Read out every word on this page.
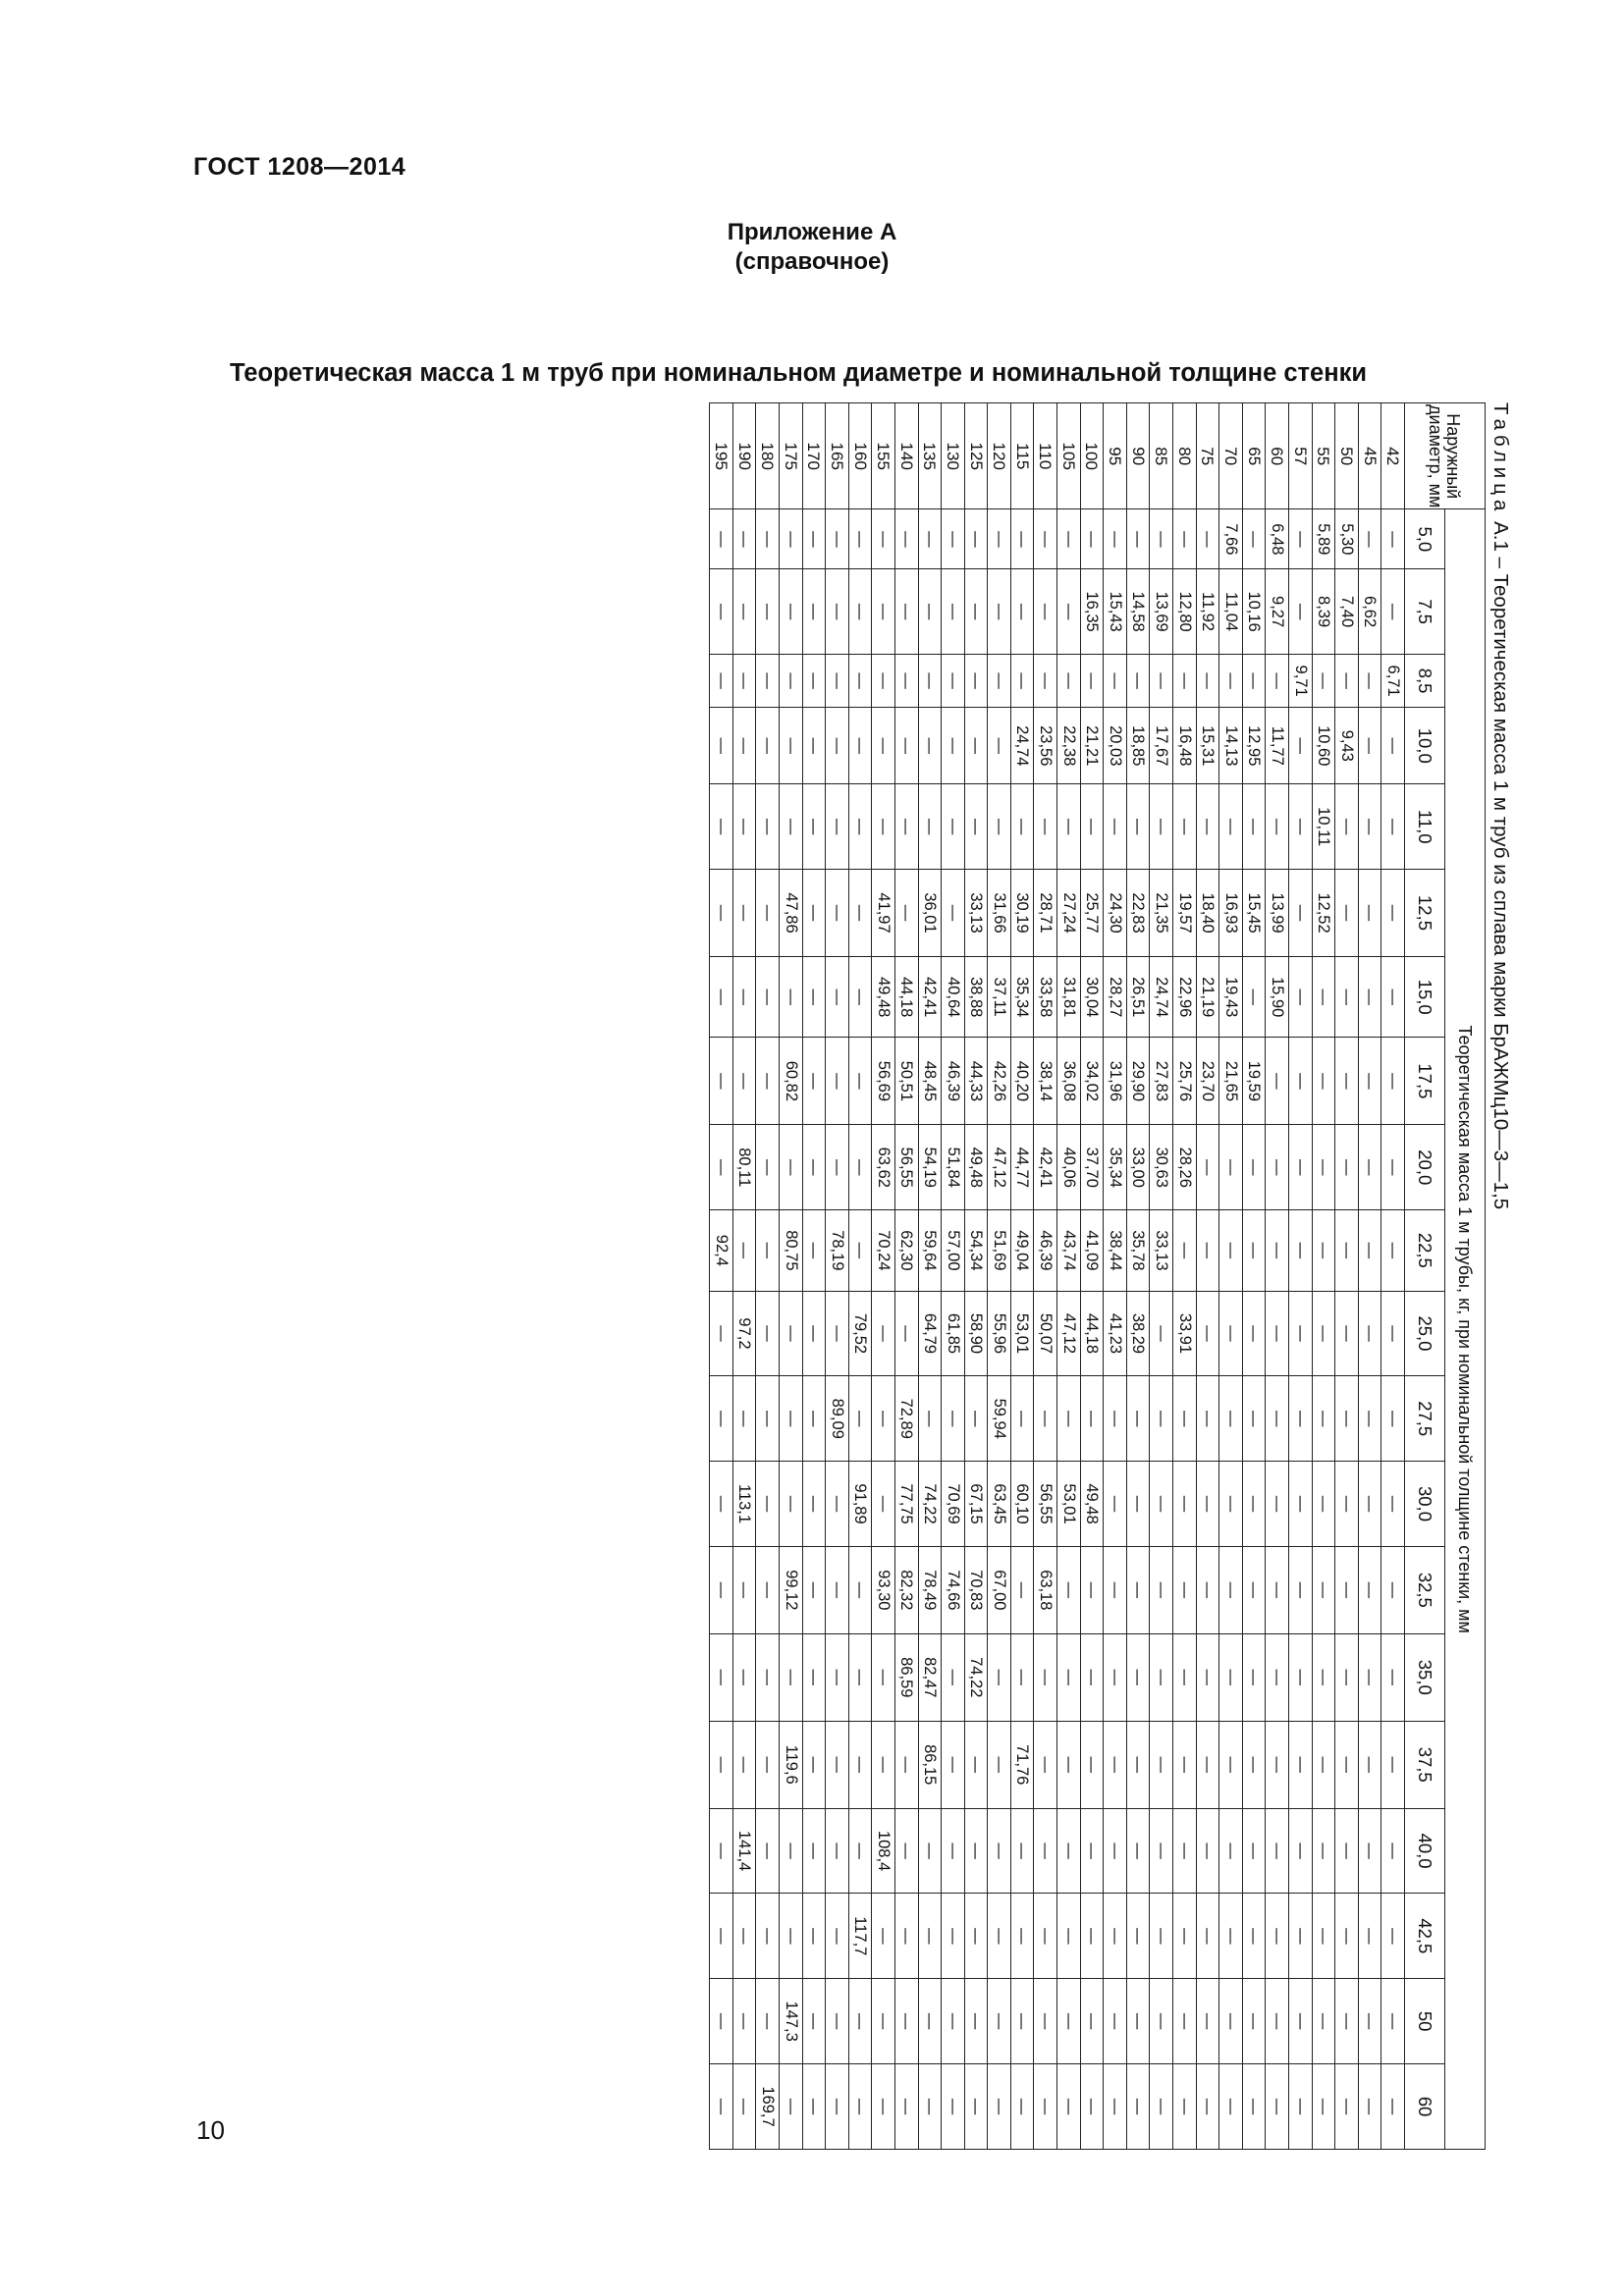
ГОСТ 1208—2014
Приложение А
(справочное)
Теоретическая масса 1 м труб при номинальном диаметре и номинальной толщине стенки
Таблица А.1 – Теоретическая масса 1 м труб из сплава марки БрАЖМц10—3—1,5
Наружный диаметр, мм	Теоретическая масса 1 м трубы, кг, при номинальной толщине стенки, мм																			
	5,0	7,5	8,5	10,0	11,0	12,5	15,0	17,5	20,0	22,5	25,0	27,5	30,0	32,5	35,0	37,5	40,0	42,5	50	60
42	—	—	6,71	—	—	—	—	—	—	—	—	—	—	—	—	—	—	—	—	—
45	—	6,62	—	—	—	—	—	—	—	—	—	—	—	—	—	—	—	—	—	—
50	5,30	7,40	—	9,43	—	—	—	—	—	—	—	—	—	—	—	—	—	—	—	—
55	5,89	8,39	—	10,60	10,11	12,52	—	—	—	—	—	—	—	—	—	—	—	—	—	—
57	—	—	9,71	—	—	—	—	—	—	—	—	—	—	—	—	—	—	—	—	—
60	6,48	9,27	—	11,77	—	13,99	15,90	—	—	—	—	—	—	—	—	—	—	—	—	—
65	—	10,16	—	12,95	—	15,45	—	19,59	—	—	—	—	—	—	—	—	—	—	—	—
70	7,66	11,04	—	14,13	—	16,93	19,43	21,65	—	—	—	—	—	—	—	—	—	—	—	—
75	—	11,92	—	15,31	—	18,40	21,19	23,70	—	—	—	—	—	—	—	—	—	—	—	—
80	—	12,80	—	16,48	—	19,57	22,96	25,76	28,26	—	33,91	—	—	—	—	—	—	—	—	—
85	—	13,69	—	17,67	—	21,35	24,74	27,83	30,63	33,13	—	—	—	—	—	—	—	—	—	—
90	—	14,58	—	18,85	—	22,83	26,51	29,90	33,00	35,78	38,29	—	—	—	—	—	—	—	—	—
95	—	15,43	—	20,03	—	24,30	28,27	31,96	35,34	38,44	41,23	—	—	—	—	—	—	—	—	—
100	—	16,35	—	21,21	—	25,77	30,04	34,02	37,70	41,09	44,18	—	49,48	—	—	—	—	—	—	—
105	—	—	—	22,38	—	27,24	31,81	36,08	40,06	43,74	47,12	—	53,01	—	—	—	—	—	—	—
110	—	—	—	23,56	—	28,71	33,58	38,14	42,41	46,39	50,07	—	56,55	63,18	—	—	—	—	—	—
115	—	—	—	24,74	—	30,19	35,34	40,20	44,77	49,04	53,01	—	60,10	—	—	71,76	—	—	—	—
120	—	—	—	—	—	31,66	37,11	42,26	47,12	51,69	55,96	59,94	63,45	67,00	—	—	—	—	—	—
125	—	—	—	—	—	33,13	38,88	44,33	49,48	54,34	58,90	—	67,15	70,83	74,22	—	—	—	—	—
130	—	—	—	—	—	—	40,64	46,39	51,84	57,00	61,85	—	70,69	74,66	—	—	—	—	—	—
135	—	—	—	—	—	36,01	42,41	48,45	54,19	59,64	64,79	—	74,22	78,49	82,47	86,15	—	—	—	—
140	—	—	—	—	—	—	44,18	50,51	56,55	62,30	—	72,89	77,75	82,32	86,59	—	—	—	—	—
155	—	—	—	—	—	41,97	49,48	56,69	63,62	70,24	—	—	—	93,30	—	—	108,4	—	—	—
160	—	—	—	—	—	—	—	—	—	—	79,52	—	91,89	—	—	—	—	117,7	—	—
165	—	—	—	—	—	—	—	—	—	78,19	—	89,09	—	—	—	—	—	—	—	—
170	—	—	—	—	—	—	—	—	—	—	—	—	—	—	—	—	—	—	—	—
175	—	—	—	—	—	47,86	—	60,82	—	80,75	—	—	—	99,12	—	119,6	—	—	147,3	—
180	—	—	—	—	—	—	—	—	—	—	—	—	—	—	—	—	—	—	—	169,7
190	—	—	—	—	—	—	—	—	80,11	—	97,2	—	113,1	—	—	—	141,4	—	—	—
195	—	—	—	—	—	—	—	—	—	92,4	—	—	—	—	—	—	—	—	—	—
10
